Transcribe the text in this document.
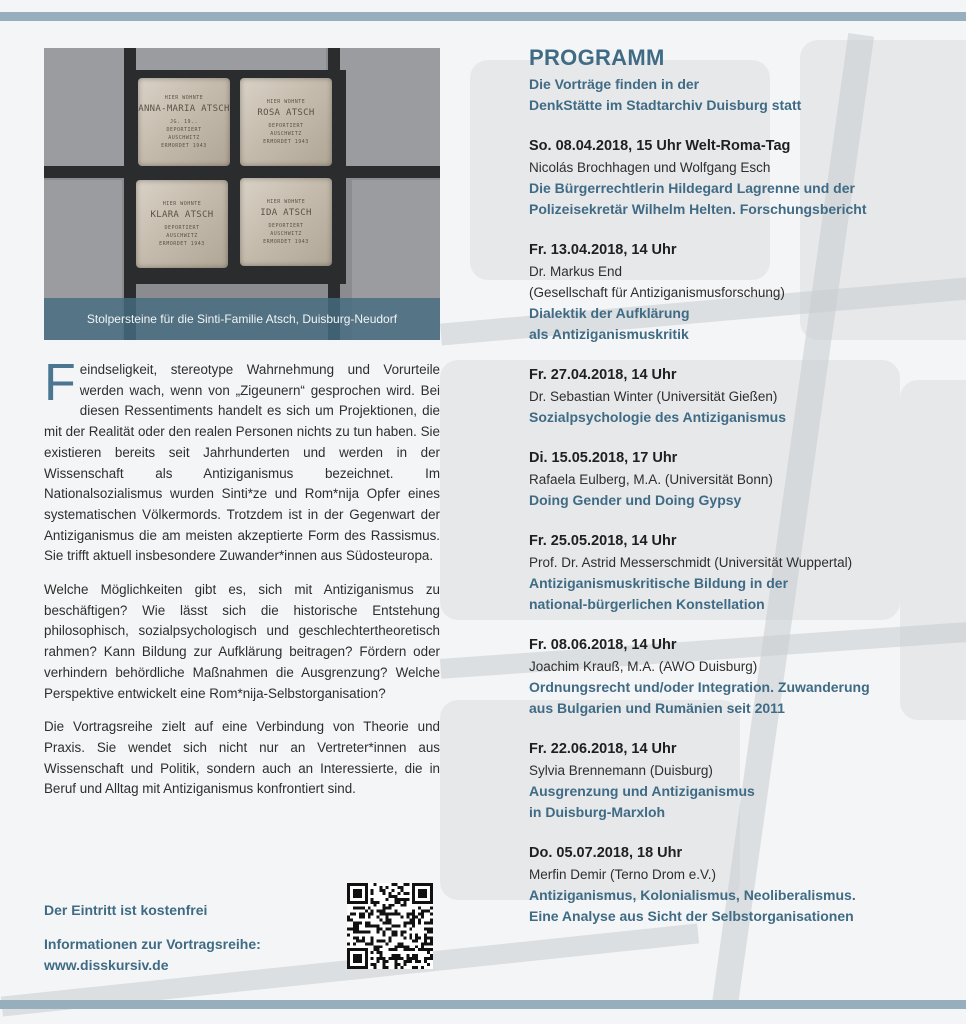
HIER WOHNTE
ANNA-MARIA ATSCH
JG. 19..
DEPORTIERT
AUSCHWITZ
ERMORDET 1943
HIER WOHNTE
ROSA ATSCH
DEPORTIERT
AUSCHWITZ
ERMORDET 1943
HIER WOHNTE
KLARA ATSCH
DEPORTIERT
AUSCHWITZ
ERMORDET 1943
HIER WOHNTE
IDA ATSCH
DEPORTIERT
AUSCHWITZ
ERMORDET 1943
Stolpersteine für die Sinti-Familie Atsch, Duisburg-Neudorf

Feindseligkeit, stereotype Wahrnehmung und Vorurteile werden wach, wenn von „Zigeunern“ gesprochen wird. Bei diesen Ressentiments handelt es sich um Projektionen, die mit der Realität oder den realen Personen nichts zu tun haben. Sie existieren bereits seit Jahrhunderten und werden in der Wissenschaft als Antiziganismus bezeichnet. Im Nationalsozialismus wurden Sinti*ze und Rom*nija Opfer eines systematischen Völkermords. Trotzdem ist in der Gegenwart der Antiziganismus die am meisten akzeptierte Form des Rassismus. Sie trifft aktuell insbesondere Zuwander*innen aus Südosteuropa.

Welche Möglichkeiten gibt es, sich mit Antiziganismus zu beschäftigen? Wie lässt sich die historische Entstehung philosophisch, sozialpsychologisch und geschlechtertheoretisch rahmen? Kann Bildung zur Aufklärung beitragen? Fördern oder verhindern behördliche Maßnahmen die Ausgrenzung? Welche Perspektive entwickelt eine Rom*nija-Selbstorganisation?

Die Vortragsreihe zielt auf eine Verbindung von Theorie und Praxis. Sie wendet sich nicht nur an Vertreter*innen aus Wissenschaft und Politik, sondern auch an Interessierte, die in Beruf und Alltag mit Antiziganismus konfrontiert sind.

Der Eintritt ist kostenfrei
Informationen zur Vortragsreihe:
www.disskursiv.de
PROGRAMM
Die Vorträge finden in der
DenkStätte im Stadtarchiv Duisburg statt
So. 08.04.2018, 15 Uhr Welt-Roma-Tag
Nicolás Brochhagen und Wolfgang Esch
Die Bürgerrechtlerin Hildegard Lagrenne und der
Polizeisekretär Wilhelm Helten. Forschungsbericht
Fr. 13.04.2018, 14 Uhr
Dr. Markus End
(Gesellschaft für Antiziganismusforschung)
Dialektik der Aufklärung
als Antiziganismuskritik
Fr. 27.04.2018, 14 Uhr
Dr. Sebastian Winter (Universität Gießen)
Sozialpsychologie des Antiziganismus
Di. 15.05.2018, 17 Uhr
Rafaela Eulberg, M.A. (Universität Bonn)
Doing Gender und Doing Gypsy
Fr. 25.05.2018, 14 Uhr
Prof. Dr. Astrid Messerschmidt (Universität Wuppertal)
Antiziganismuskritische Bildung in der
national-bürgerlichen Konstellation
Fr. 08.06.2018, 14 Uhr
Joachim Krauß, M.A. (AWO Duisburg)
Ordnungsrecht und/oder Integration. Zuwanderung
aus Bulgarien und Rumänien seit 2011
Fr. 22.06.2018, 14 Uhr
Sylvia Brennemann (Duisburg)
Ausgrenzung und Antiziganismus
in Duisburg-Marxloh
Do. 05.07.2018, 18 Uhr
Merfin Demir (Terno Drom e.V.)
Antiziganismus, Kolonialismus, Neoliberalismus.
Eine Analyse aus Sicht der Selbstorganisationen
